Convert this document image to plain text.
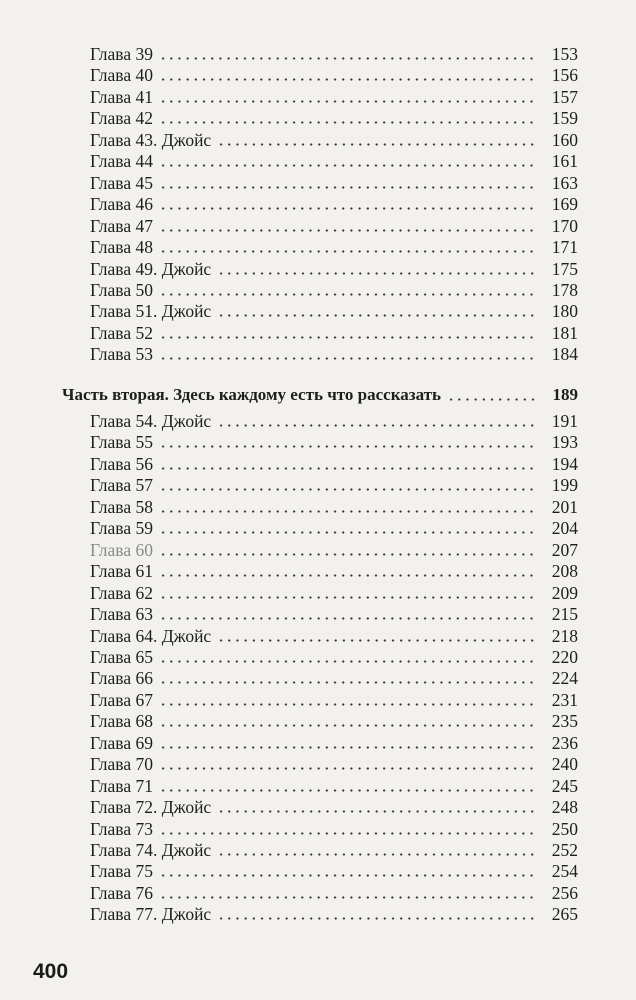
Глава 39	153
Глава 40	156
Глава 41	157
Глава 42	159
Глава 43. Джойс	160
Глава 44	161
Глава 45	163
Глава 46	169
Глава 47	170
Глава 48	171
Глава 49. Джойс	175
Глава 50	178
Глава 51. Джойс	180
Глава 52	181
Глава 53	184
Часть вторая. Здесь каждому есть что рассказать	189
Глава 54. Джойс	191
Глава 55	193
Глава 56	194
Глава 57	199
Глава 58	201
Глава 59	204
Глава 60	207
Глава 61	208
Глава 62	209
Глава 63	215
Глава 64. Джойс	218
Глава 65	220
Глава 66	224
Глава 67	231
Глава 68	235
Глава 69	236
Глава 70	240
Глава 71	245
Глава 72. Джойс	248
Глава 73	250
Глава 74. Джойс	252
Глава 75	254
Глава 76	256
Глава 77. Джойс	265
400
